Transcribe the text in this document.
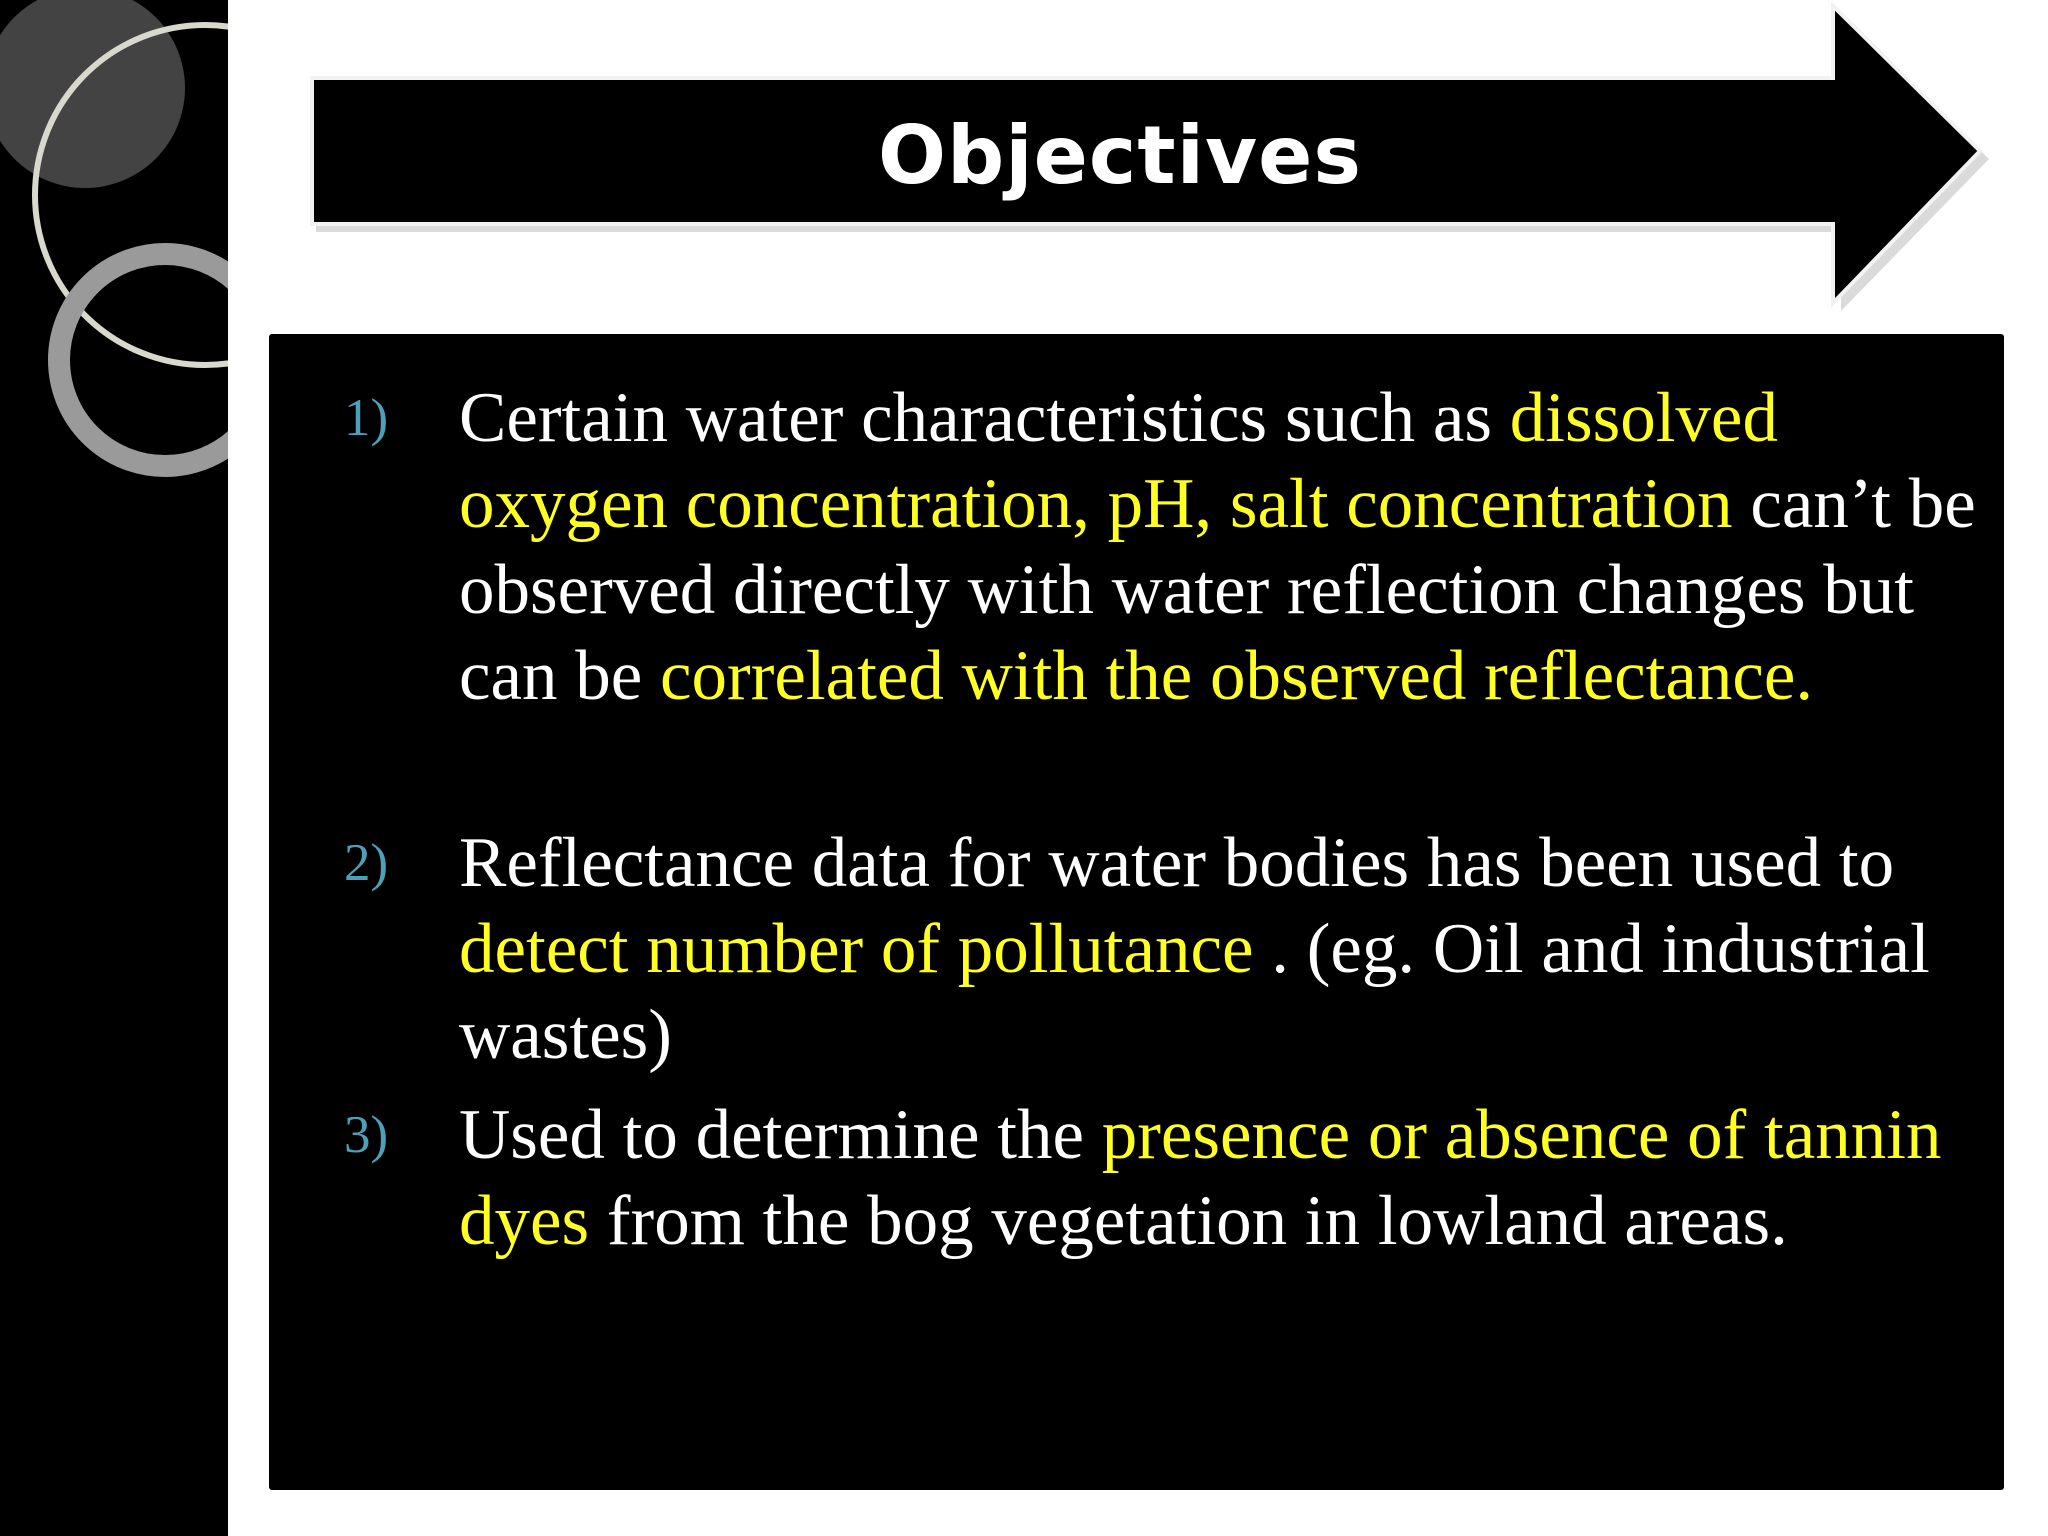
Objectives
1) Certain water characteristics such as dissolved oxygen concentration, pH, salt concentration can’t be observed directly with water reflection changes but can be correlated with the observed reflectance.
2) Reflectance data for water bodies has been used to detect number of pollutance . (eg. Oil and industrial wastes)
3) Used to determine the presence or absence of tannin dyes from the bog vegetation in lowland areas.
